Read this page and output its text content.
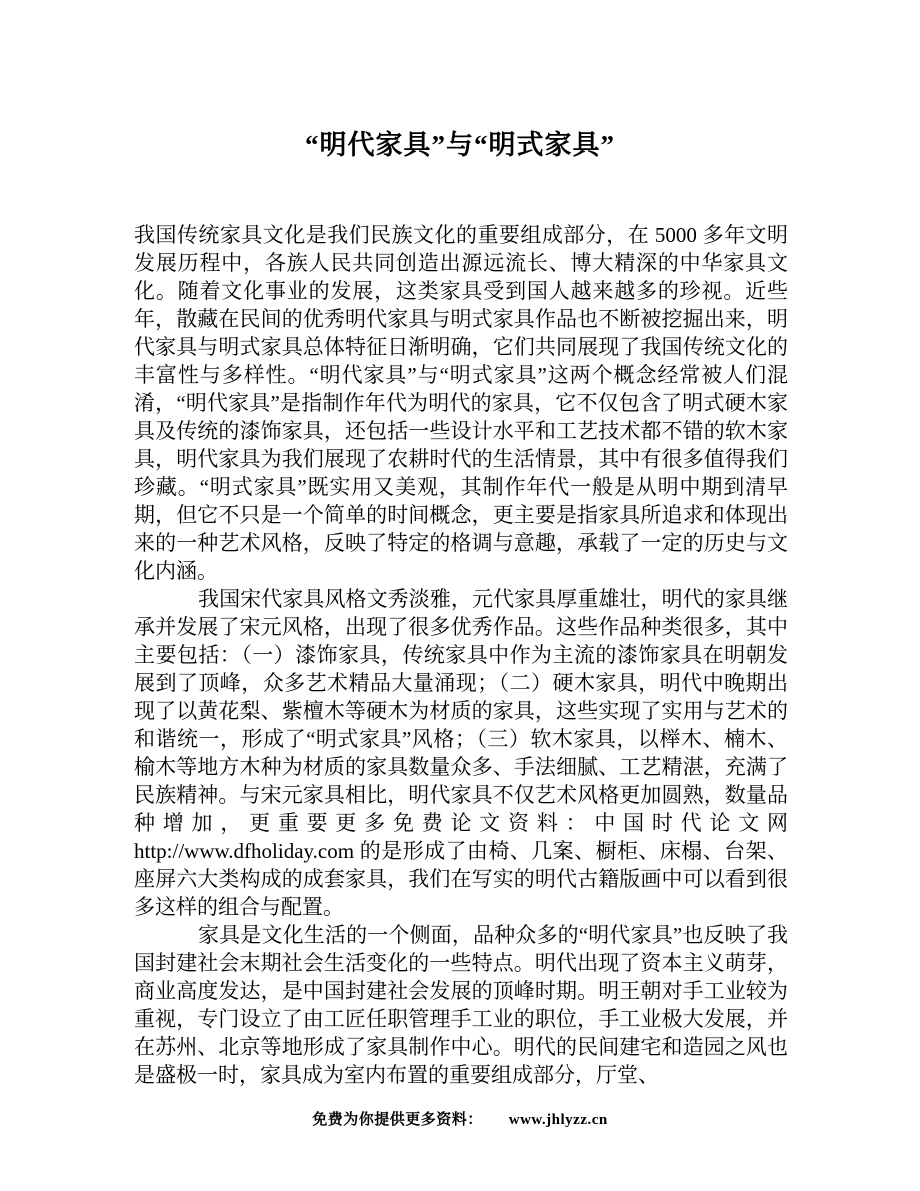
“明代家具”与“明式家具”

我国传统家具文化是我们民族文化的重要组成部分，在 5000 多年文明发展历程中，各族人民共同创造出源远流长、博大精深的中华家具文化。随着文化事业的发展，这类家具受到国人越来越多的珍视。近些年，散藏在民间的优秀明代家具与明式家具作品也不断被挖掘出来，明代家具与明式家具总体特征日渐明确，它们共同展现了我国传统文化的丰富性与多样性。“明代家具”与“明式家具”这两个概念经常被人们混淆，“明代家具”是指制作年代为明代的家具，它不仅包含了明式硬木家具及传统的漆饰家具，还包括一些设计水平和工艺技术都不错的软木家具，明代家具为我们展现了农耕时代的生活情景，其中有很多值得我们珍藏。“明式家具”既实用又美观，其制作年代一般是从明中期到清早期，但它不只是一个简单的时间概念，更主要是指家具所追求和体现出来的一种艺术风格，反映了特定的格调与意趣，承载了一定的历史与文化内涵。

我国宋代家具风格文秀淡雅，元代家具厚重雄壮，明代的家具继承并发展了宋元风格，出现了很多优秀作品。这些作品种类很多，其中主要包括：（一）漆饰家具，传统家具中作为主流的漆饰家具在明朝发展到了顶峰，众多艺术精品大量涌现；（二）硬木家具，明代中晚期出现了以黄花梨、紫檀木等硬木为材质的家具，这些实现了实用与艺术的和谐统一，形成了“明式家具”风格；（三）软木家具，以榉木、楠木、榆木等地方木种为材质的家具数量众多、手法细腻、工艺精湛，充满了民族精神。与宋元家具相比，明代家具不仅艺术风格更加圆熟，数量品种增加，更重要更多免费论文资料：中国时代论文网 http://www.dfholiday.com 的是形成了由椅、几案、橱柜、床榻、台架、座屏六大类构成的成套家具，我们在写实的明代古籍版画中可以看到很多这样的组合与配置。

家具是文化生活的一个侧面，品种众多的“明代家具”也反映了我国封建社会末期社会生活变化的一些特点。明代出现了资本主义萌芽，商业高度发达，是中国封建社会发展的顶峰时期。明王朝对手工业较为重视，专门设立了由工匠任职管理手工业的职位，手工业极大发展，并在苏州、北京等地形成了家具制作中心。明代的民间建宅和造园之风也是盛极一时，家具成为室内布置的重要组成部分，厅堂、

免费为你提供更多资料： www.jhlyzz.cn
